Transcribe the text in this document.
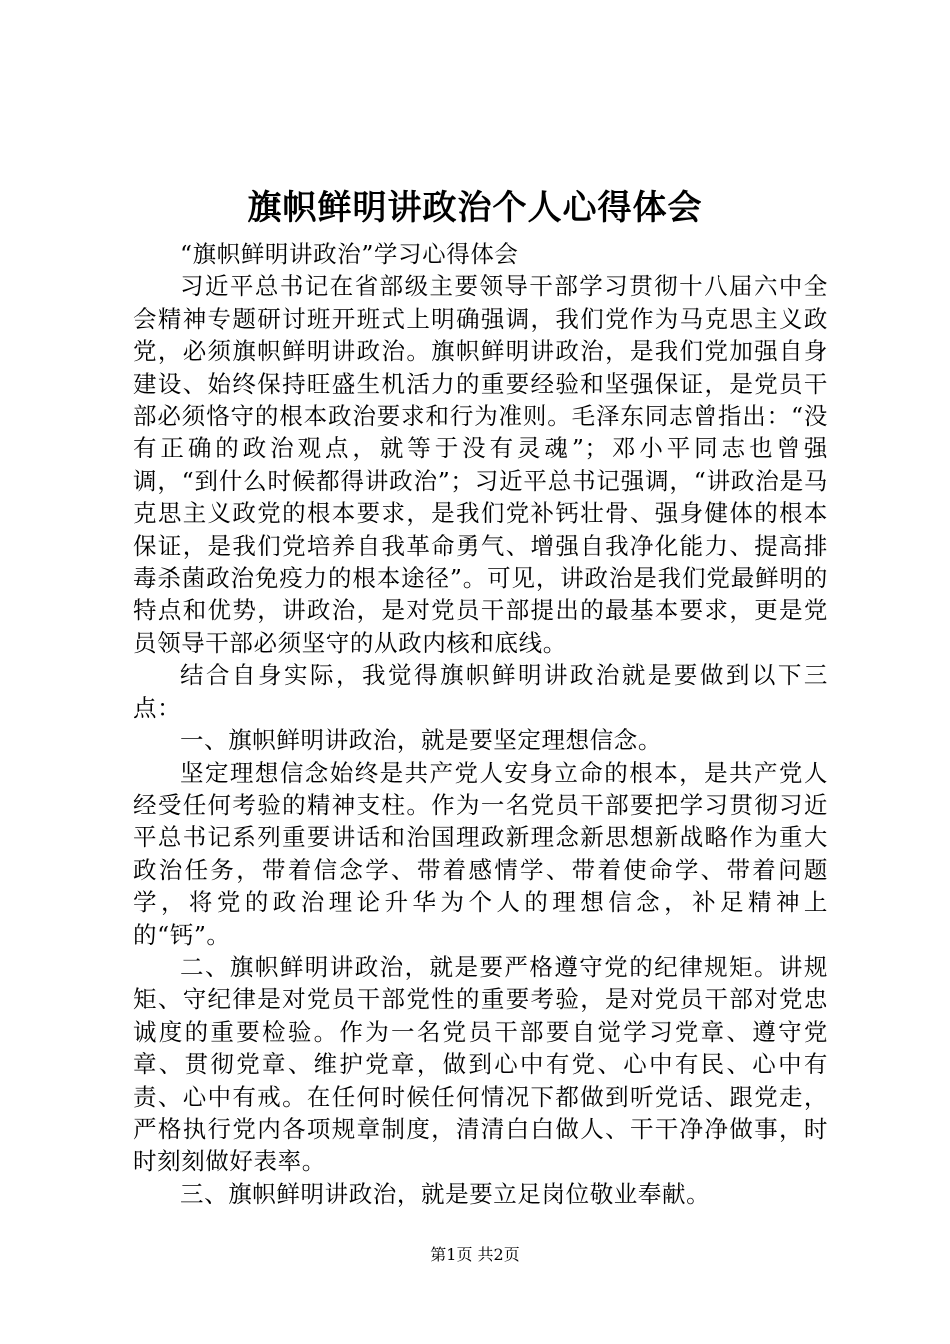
旗帜鲜明讲政治个人心得体会

“旗帜鲜明讲政治”学习心得体会

习近平总书记在省部级主要领导干部学习贯彻十八届六中全会精神专题研讨班开班式上明确强调，我们党作为马克思主义政党，必须旗帜鲜明讲政治。旗帜鲜明讲政治，是我们党加强自身建设、始终保持旺盛生机活力的重要经验和坚强保证，是党员干部必须恪守的根本政治要求和行为准则。毛泽东同志曾指出：“没有正确的政治观点，就等于没有灵魂”；邓小平同志也曾强调，“到什么时候都得讲政治”；习近平总书记强调，“讲政治是马克思主义政党的根本要求，是我们党补钙壮骨、强身健体的根本保证，是我们党培养自我革命勇气、增强自我净化能力、提高排毒杀菌政治免疫力的根本途径”。可见，讲政治是我们党最鲜明的特点和优势，讲政治，是对党员干部提出的最基本要求，更是党员领导干部必须坚守的从政内核和底线。

结合自身实际，我觉得旗帜鲜明讲政治就是要做到以下三点：

一、旗帜鲜明讲政治，就是要坚定理想信念。

坚定理想信念始终是共产党人安身立命的根本，是共产党人经受任何考验的精神支柱。作为一名党员干部要把学习贯彻习近平总书记系列重要讲话和治国理政新理念新思想新战略作为重大政治任务，带着信念学、带着感情学、带着使命学、带着问题学，将党的政治理论升华为个人的理想信念，补足精神上的“钙”。

二、旗帜鲜明讲政治，就是要严格遵守党的纪律规矩。讲规矩、守纪律是对党员干部党性的重要考验，是对党员干部对党忠诚度的重要检验。作为一名党员干部要自觉学习党章、遵守党章、贯彻党章、维护党章，做到心中有党、心中有民、心中有责、心中有戒。在任何时候任何情况下都做到听党话、跟党走，严格执行党内各项规章制度，清清白白做人、干干净净做事，时时刻刻做好表率。

三、旗帜鲜明讲政治，就是要立足岗位敬业奉献。

第1页 共2页
